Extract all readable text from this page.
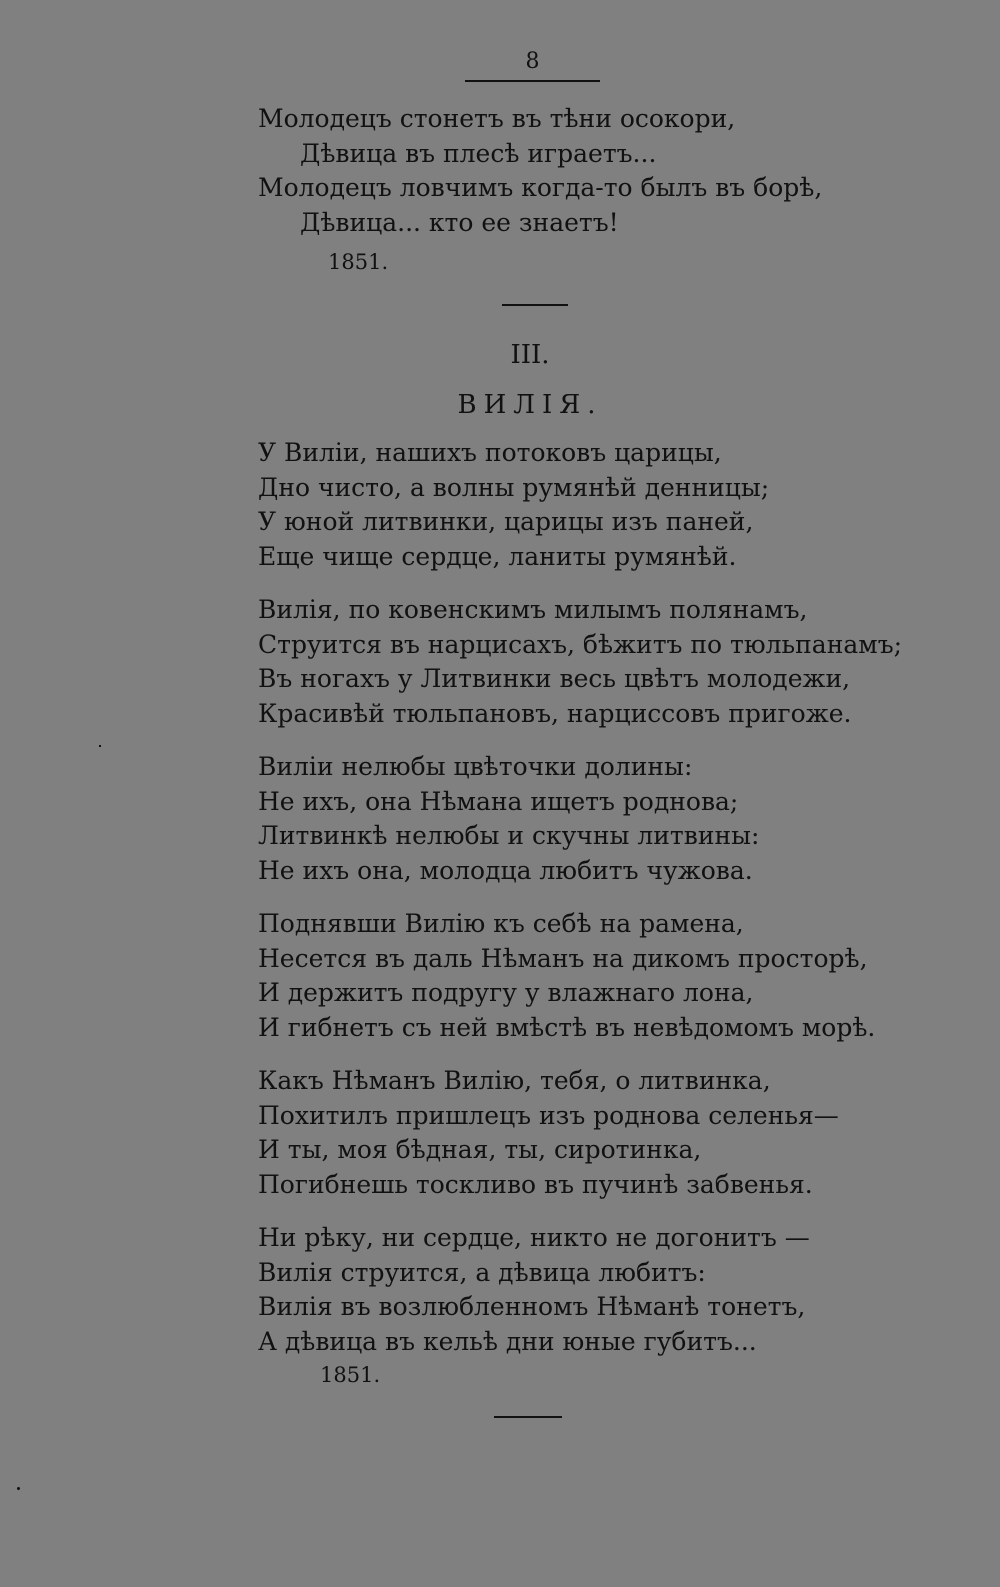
8
Молодецъ стонетъ въ тѣни осокори,
Дѣвица въ плесѣ играетъ...
Молодецъ ловчимъ когда-то былъ въ борѣ,
Дѣвица... кто ее знаетъ!
1851.
III.
ВИЛІЯ.
У Виліи, нашихъ потоковъ царицы,
Дно чисто, а волны румянѣй денницы;
У юной литвинки, царицы изъ паней,
Еще чище сердце, ланиты румянѣй.
Вилія, по ковенскимъ милымъ полянамъ,
Струится въ нарцисахъ, бѣжитъ по тюльпанамъ;
Въ ногахъ у Литвинки весь цвѣтъ молодежи,
Красивѣй тюльпановъ, нарциссовъ пригоже.
Виліи нелюбы цвѣточки долины:
Не ихъ, она Нѣмана ищетъ роднова;
Литвинкѣ нелюбы и скучны литвины:
Не ихъ она, молодца любитъ чужова.
Поднявши Вилію къ себѣ на рамена,
Несется въ даль Нѣманъ на дикомъ просторѣ,
И держитъ подругу у влажнаго лона,
И гибнетъ съ ней вмѣстѣ въ невѣдомомъ морѣ.
Какъ Нѣманъ Вилію, тебя, о литвинка,
Похитилъ пришлецъ изъ роднова селенья—
И ты, моя бѣдная, ты, сиротинка,
Погибнешь тоскливо въ пучинѣ забвенья.
Ни рѣку, ни сердце, никто не догонитъ —
Вилія струится, а дѣвица любитъ:
Вилія въ возлюбленномъ Нѣманѣ тонетъ,
А дѣвица въ кельѣ дни юные губитъ...
1851.
